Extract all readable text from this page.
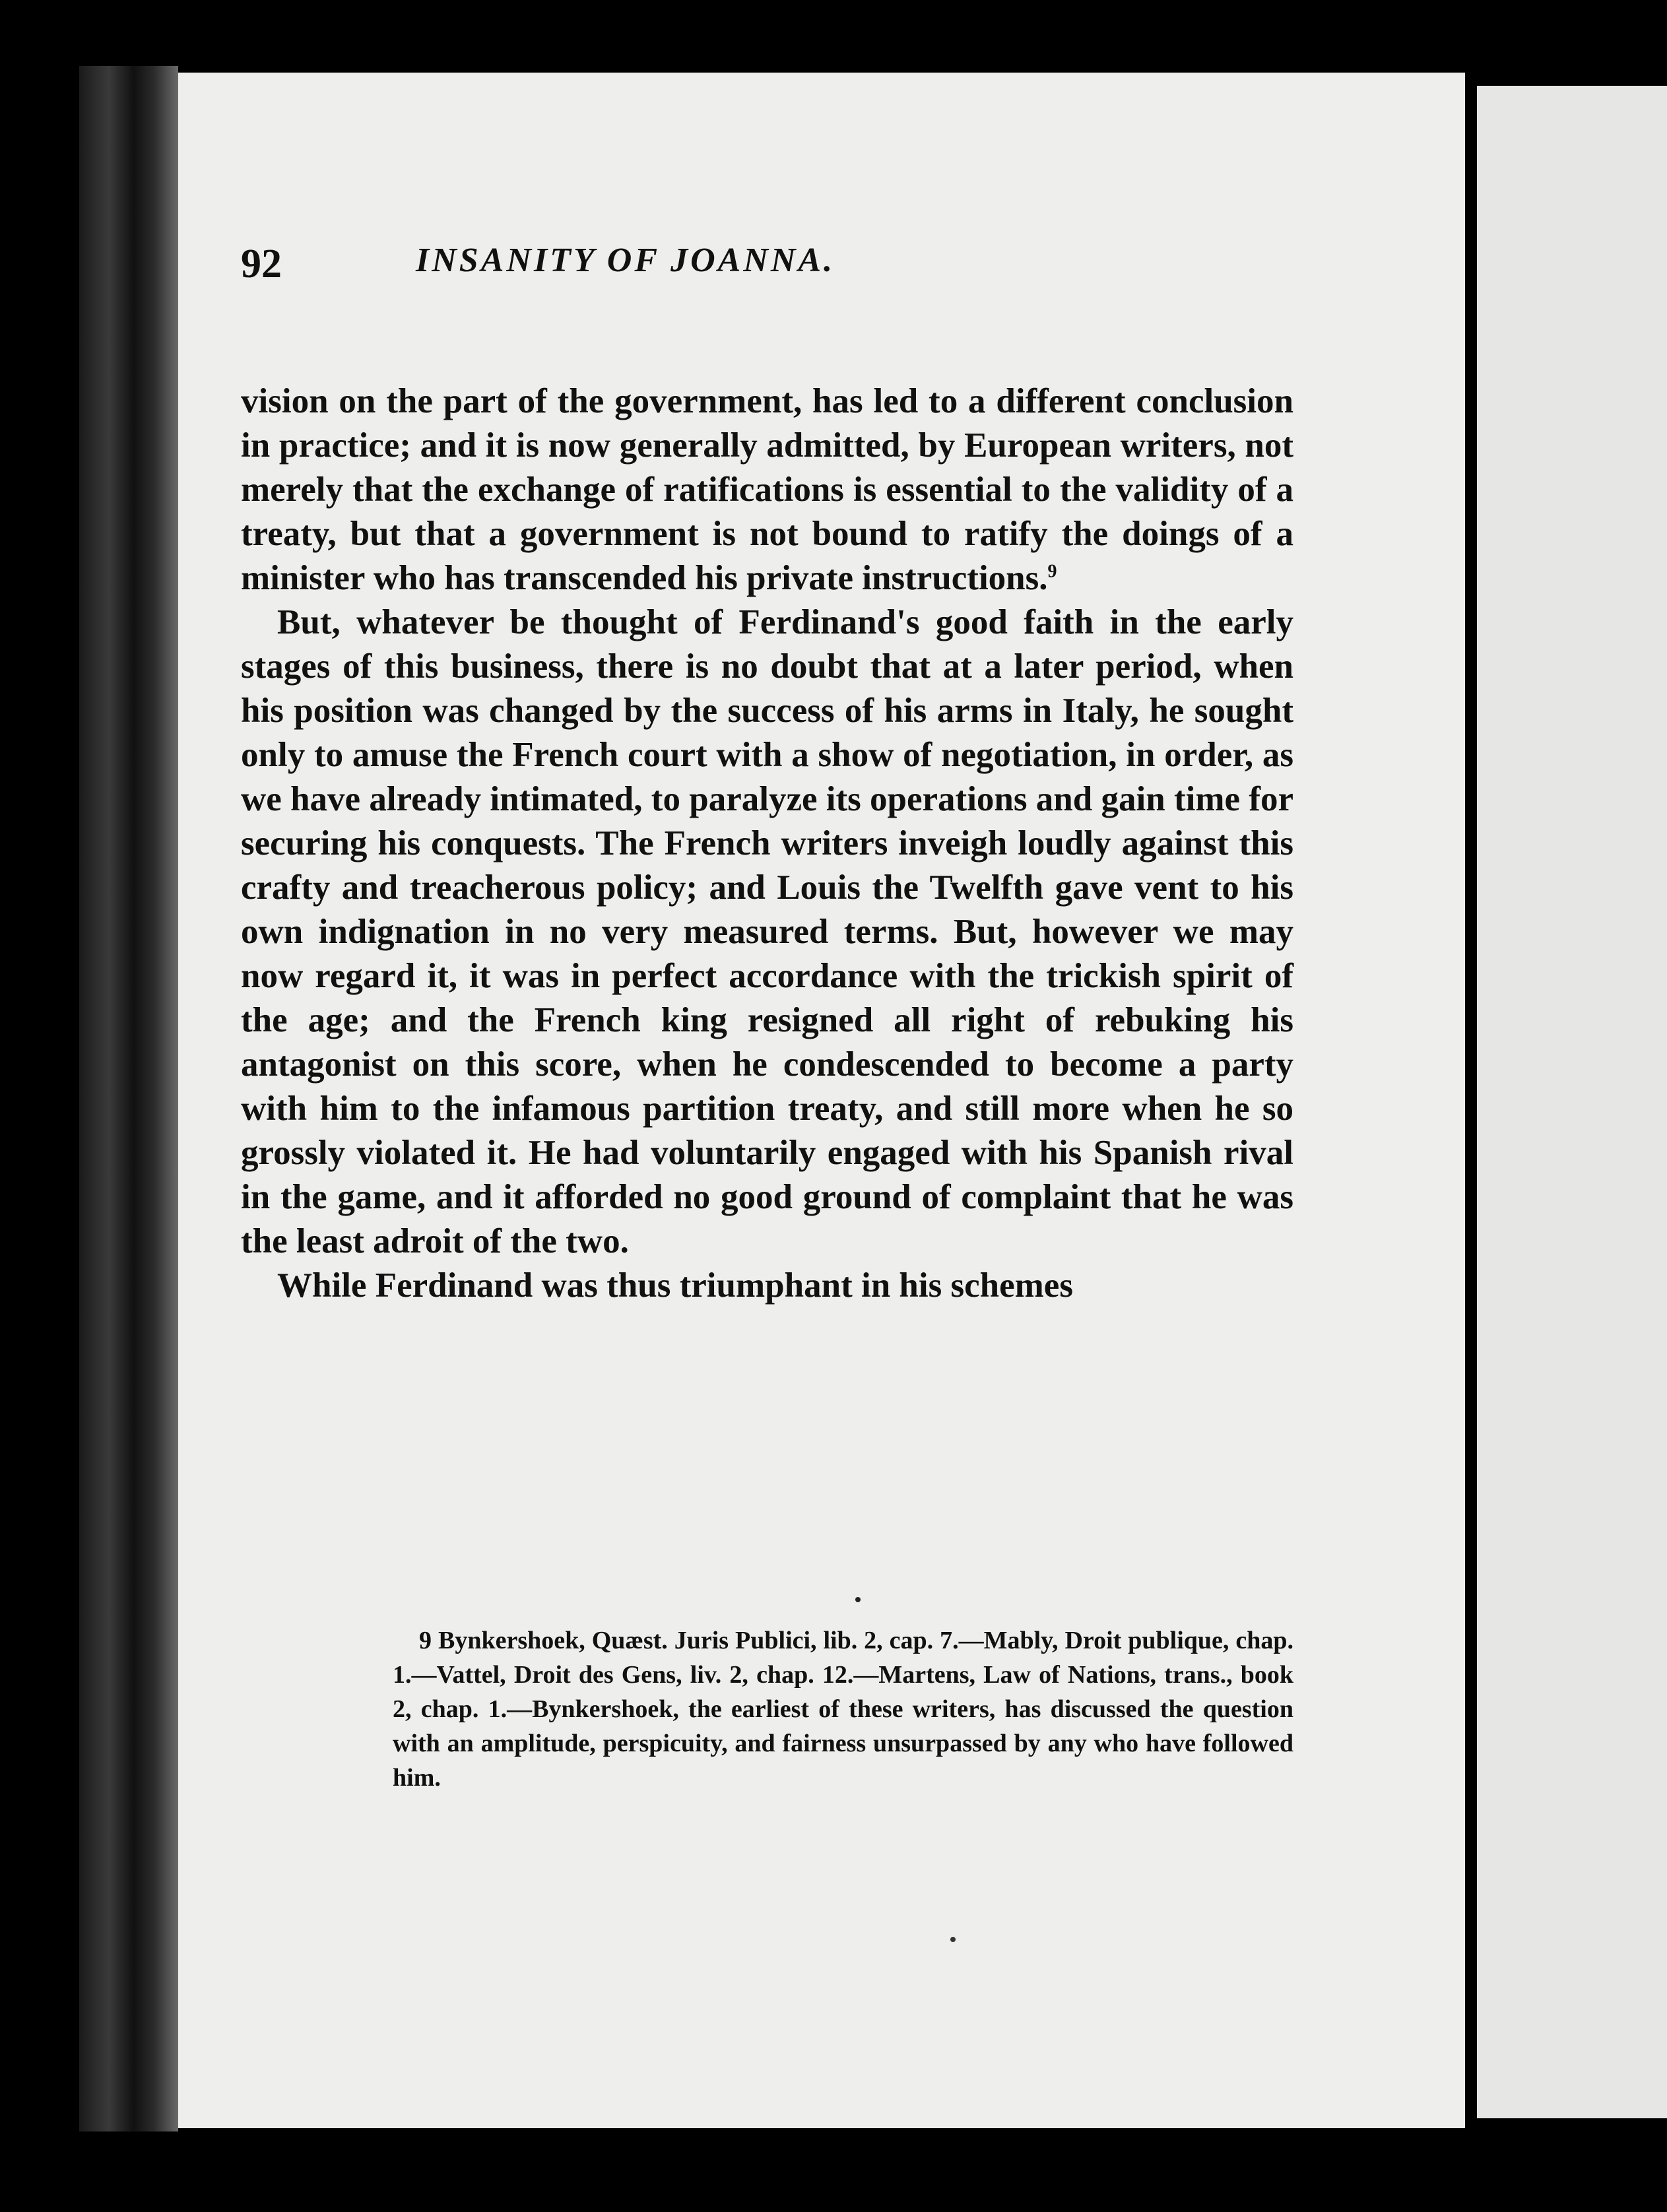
92	INSANITY OF JOANNA.

vision on the part of the government, has led to a different conclusion in practice; and it is now generally admitted, by European writers, not merely that the exchange of ratifications is essential to the validity of a treaty, but that a government is not bound to ratify the doings of a minister who has transcended his private instructions.$^9$

But, whatever be thought of Ferdinand's good faith in the early stages of this business, there is no doubt that at a later period, when his position was changed by the success of his arms in Italy, he sought only to amuse the French court with a show of negotiation, in order, as we have already intimated, to paralyze its operations and gain time for securing his conquests. The French writers inveigh loudly against this crafty and treacherous policy; and Louis the Twelfth gave vent to his own indignation in no very measured terms. But, however we may now regard it, it was in perfect accordance with the trickish spirit of the age; and the French king resigned all right of rebuking his antagonist on this score, when he condescended to become a party with him to the infamous partition treaty, and still more when he so grossly violated it. He had voluntarily engaged with his Spanish rival in the game, and it afforded no good ground of complaint that he was the least adroit of the two.

While Ferdinand was thus triumphant in his schemes

9 Bynkershoek, Quæst. Juris Publici, lib. 2, cap. 7.—Mably, Droit publique, chap. 1.—Vattel, Droit des Gens, liv. 2, chap. 12.—Martens, Law of Nations, trans., book 2, chap. 1.—Bynkershoek, the earliest of these writers, has discussed the question with an amplitude, perspicuity, and fairness unsurpassed by any who have followed him.
